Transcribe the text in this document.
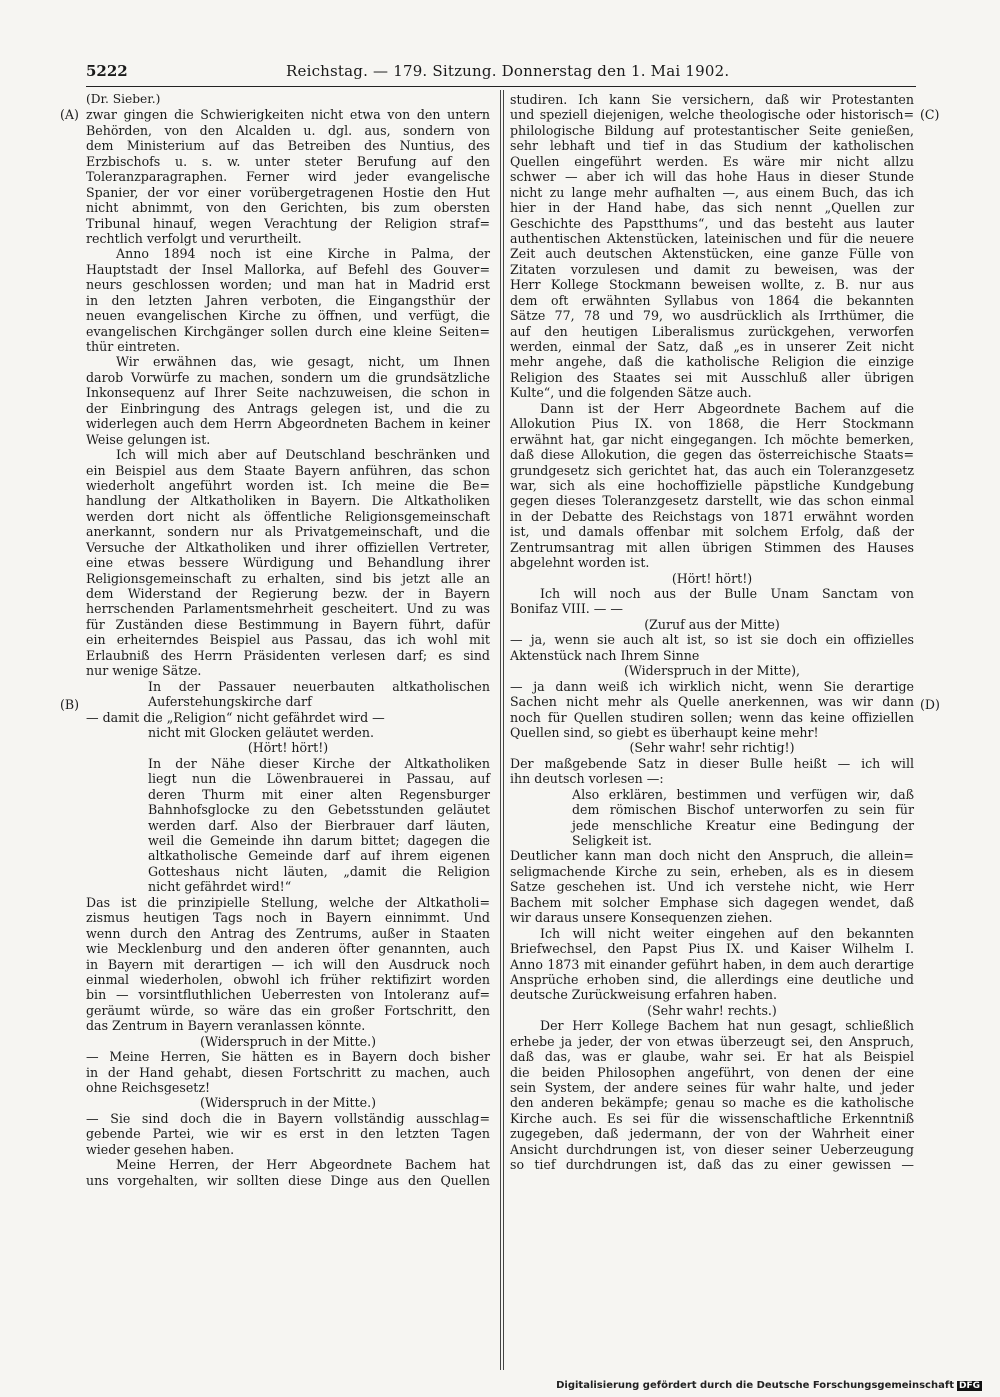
5222	Reichstag. — 179. Sitzung. Donnerstag den 1. Mai 1902.
(A)
(B)
(C)
(D)
(Dr. Sieber.)
zwar gingen die Schwierigkeiten nicht etwa von den untern
Behörden, von den Alcalden u. dgl. aus, sondern von
dem Ministerium auf das Betreiben des Nuntius, des
Erzbischofs u. s. w. unter steter Berufung auf den
Toleranzparagraphen. Ferner wird jeder evangelische
Spanier, der vor einer vorübergetragenen Hostie den Hut
nicht abnimmt, von den Gerichten, bis zum obersten
Tribunal hinauf, wegen Verachtung der Religion straf=
rechtlich verfolgt und verurtheilt.
Anno 1894 noch ist eine Kirche in Palma, der
Hauptstadt der Insel Mallorka, auf Befehl des Gouver=
neurs geschlossen worden; und man hat in Madrid erst
in den letzten Jahren verboten, die Eingangsthür der
neuen evangelischen Kirche zu öffnen, und verfügt, die
evangelischen Kirchgänger sollen durch eine kleine Seiten=
thür eintreten.
Wir erwähnen das, wie gesagt, nicht, um Ihnen
darob Vorwürfe zu machen, sondern um die grundsätzliche
Inkonsequenz auf Ihrer Seite nachzuweisen, die schon in
der Einbringung des Antrags gelegen ist, und die zu
widerlegen auch dem Herrn Abgeordneten Bachem in keiner
Weise gelungen ist.
Ich will mich aber auf Deutschland beschränken und
ein Beispiel aus dem Staate Bayern anführen, das schon
wiederholt angeführt worden ist. Ich meine die Be=
handlung der Altkatholiken in Bayern. Die Altkatholiken
werden dort nicht als öffentliche Religionsgemeinschaft
anerkannt, sondern nur als Privatgemeinschaft, und die
Versuche der Altkatholiken und ihrer offiziellen Vertreter,
eine etwas bessere Würdigung und Behandlung ihrer
Religionsgemeinschaft zu erhalten, sind bis jetzt alle an
dem Widerstand der Regierung bezw. der in Bayern
herrschenden Parlamentsmehrheit gescheitert. Und zu was
für Zuständen diese Bestimmung in Bayern führt, dafür
ein erheiterndes Beispiel aus Passau, das ich wohl mit
Erlaubniß des Herrn Präsidenten verlesen darf; es sind
nur wenige Sätze.
In der Passauer neuerbauten altkatholischen
Auferstehungskirche darf
— damit die „Religion“ nicht gefährdet wird —
nicht mit Glocken geläutet werden.
(Hört! hört!)
In der Nähe dieser Kirche der Altkatholiken
liegt nun die Löwenbrauerei in Passau, auf
deren Thurm mit einer alten Regensburger
Bahnhofsglocke zu den Gebetsstunden geläutet
werden darf. Also der Bierbrauer darf läuten,
weil die Gemeinde ihn darum bittet; dagegen die
altkatholische Gemeinde darf auf ihrem eigenen
Gotteshaus nicht läuten, „damit die Religion
nicht gefährdet wird!“
Das ist die prinzipielle Stellung, welche der Altkatholi=
zismus heutigen Tags noch in Bayern einnimmt. Und
wenn durch den Antrag des Zentrums, außer in Staaten
wie Mecklenburg und den anderen öfter genannten, auch
in Bayern mit derartigen — ich will den Ausdruck noch
einmal wiederholen, obwohl ich früher rektifizirt worden
bin — vorsintfluthlichen Ueberresten von Intoleranz auf=
geräumt würde, so wäre das ein großer Fortschritt, den
das Zentrum in Bayern veranlassen könnte.
(Widerspruch in der Mitte.)
— Meine Herren, Sie hätten es in Bayern doch bisher
in der Hand gehabt, diesen Fortschritt zu machen, auch
ohne Reichsgesetz!
(Widerspruch in der Mitte.)
— Sie sind doch die in Bayern vollständig ausschlag=
gebende Partei, wie wir es erst in den letzten Tagen
wieder gesehen haben.
Meine Herren, der Herr Abgeordnete Bachem hat
uns vorgehalten, wir sollten diese Dinge aus den Quellen
studiren. Ich kann Sie versichern, daß wir Protestanten
und speziell diejenigen, welche theologische oder historisch=
philologische Bildung auf protestantischer Seite genießen,
sehr lebhaft und tief in das Studium der katholischen
Quellen eingeführt werden. Es wäre mir nicht allzu
schwer — aber ich will das hohe Haus in dieser Stunde
nicht zu lange mehr aufhalten —, aus einem Buch, das ich
hier in der Hand habe, das sich nennt „Quellen zur
Geschichte des Papstthums“, und das besteht aus lauter
authentischen Aktenstücken, lateinischen und für die neuere
Zeit auch deutschen Aktenstücken, eine ganze Fülle von
Zitaten vorzulesen und damit zu beweisen, was der
Herr Kollege Stockmann beweisen wollte, z. B. nur aus
dem oft erwähnten Syllabus von 1864 die bekannten
Sätze 77, 78 und 79, wo ausdrücklich als Irrthümer, die
auf den heutigen Liberalismus zurückgehen, verworfen
werden, einmal der Satz, daß „es in unserer Zeit nicht
mehr angehe, daß die katholische Religion die einzige
Religion des Staates sei mit Ausschluß aller übrigen
Kulte“, und die folgenden Sätze auch.
Dann ist der Herr Abgeordnete Bachem auf die
Allokution Pius IX. von 1868, die Herr Stockmann
erwähnt hat, gar nicht eingegangen. Ich möchte bemerken,
daß diese Allokution, die gegen das österreichische Staats=
grundgesetz sich gerichtet hat, das auch ein Toleranzgesetz
war, sich als eine hochoffizielle päpstliche Kundgebung
gegen dieses Toleranzgesetz darstellt, wie das schon einmal
in der Debatte des Reichstags von 1871 erwähnt worden
ist, und damals offenbar mit solchem Erfolg, daß der
Zentrumsantrag mit allen übrigen Stimmen des Hauses
abgelehnt worden ist.
(Hört! hört!)
Ich will noch aus der Bulle Unam Sanctam von
Bonifaz VIII. — —
(Zuruf aus der Mitte)
— ja, wenn sie auch alt ist, so ist sie doch ein offizielles
Aktenstück nach Ihrem Sinne
(Widerspruch in der Mitte),
— ja dann weiß ich wirklich nicht, wenn Sie derartige
Sachen nicht mehr als Quelle anerkennen, was wir dann
noch für Quellen studiren sollen; wenn das keine offiziellen
Quellen sind, so giebt es überhaupt keine mehr!
(Sehr wahr! sehr richtig!)
Der maßgebende Satz in dieser Bulle heißt — ich will
ihn deutsch vorlesen —:
Also erklären, bestimmen und verfügen wir, daß
dem römischen Bischof unterworfen zu sein für
jede menschliche Kreatur eine Bedingung der
Seligkeit ist.
Deutlicher kann man doch nicht den Anspruch, die allein=
seligmachende Kirche zu sein, erheben, als es in diesem
Satze geschehen ist. Und ich verstehe nicht, wie Herr
Bachem mit solcher Emphase sich dagegen wendet, daß
wir daraus unsere Konsequenzen ziehen.
Ich will nicht weiter eingehen auf den bekannten
Briefwechsel, den Papst Pius IX. und Kaiser Wilhelm I.
Anno 1873 mit einander geführt haben, in dem auch derartige
Ansprüche erhoben sind, die allerdings eine deutliche und
deutsche Zurückweisung erfahren haben.
(Sehr wahr! rechts.)
Der Herr Kollege Bachem hat nun gesagt, schließlich
erhebe ja jeder, der von etwas überzeugt sei, den Anspruch,
daß das, was er glaube, wahr sei. Er hat als Beispiel
die beiden Philosophen angeführt, von denen der eine
sein System, der andere seines für wahr halte, und jeder
den anderen bekämpfe; genau so mache es die katholische
Kirche auch. Es sei für die wissenschaftliche Erkenntniß
zugegeben, daß jedermann, der von der Wahrheit einer
Ansicht durchdrungen ist, von dieser seiner Ueberzeugung
so tief durchdrungen ist, daß das zu einer gewissen —
Digitalisierung gefördert durch die Deutsche Forschungsgemeinschaft DFG
